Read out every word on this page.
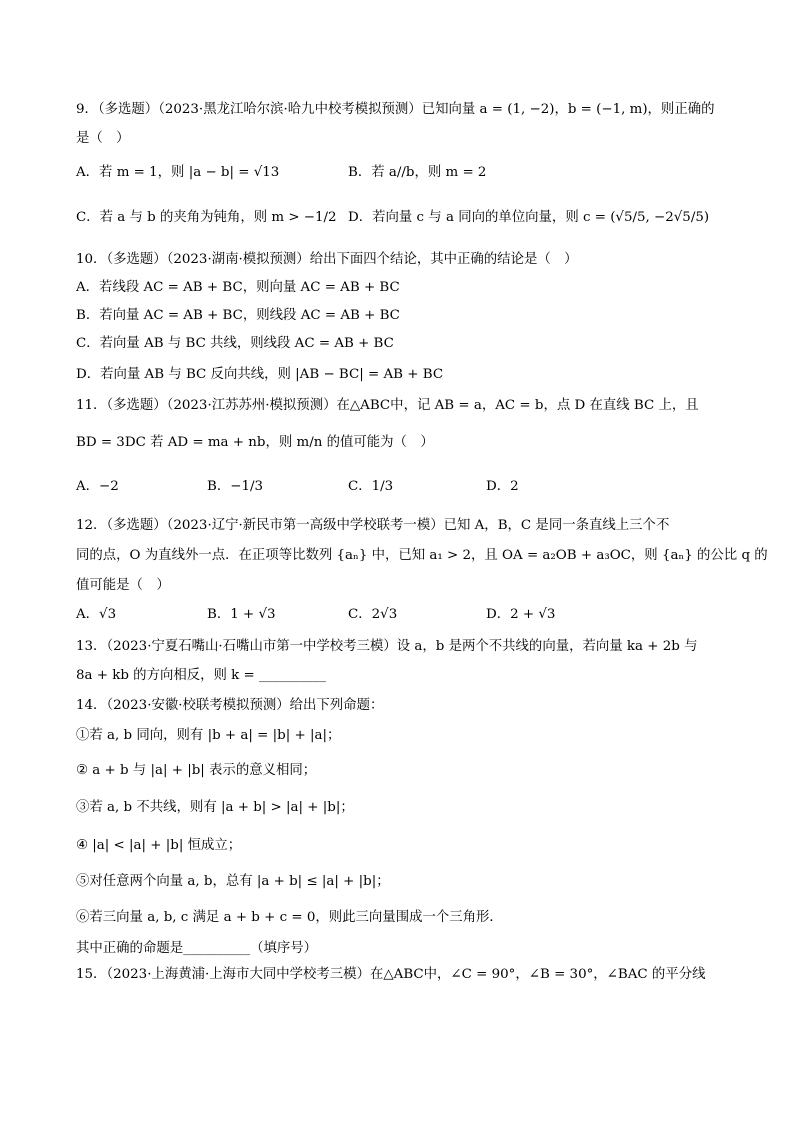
9．（多选题）（2023·黑龙江哈尔滨·哈九中校考模拟预测）已知向量 a = (1, −2)，b = (−1, m)，则正确的
是（　）
A．若 m = 1，则 |a − b| = √13	B．若 a//b，则 m = 2
C．若 a 与 b 的夹角为钝角，则 m > −1/2 D．若向量 c 与 a 同向的单位向量，则 c = (√5/5, −2√5/5)
10．（多选题）（2023·湖南·模拟预测）给出下面四个结论，其中正确的结论是（　）
A．若线段 AC = AB + BC，则向量 AC = AB + BC
B．若向量 AC = AB + BC，则线段 AC = AB + BC
C．若向量 AB 与 BC 共线，则线段 AC = AB + BC
D．若向量 AB 与 BC 反向共线，则 |AB − BC| = AB + BC
11．（多选题）（2023·江苏苏州·模拟预测）在△ABC中，记 AB = a，AC = b，点 D 在直线 BC 上，且
BD = 3DC 若 AD = ma + nb，则 m/n 的值可能为（　）
A．−2	B．−1/3	C．1/3	D．2
12．（多选题）（2023·辽宁·新民市第一高级中学校联考一模）已知 A，B，C 是同一条直线上三个不
同的点，O 为直线外一点．在正项等比数列 {aₙ} 中，已知 a₁ > 2，且 OA = a₂OB + a₃OC，则 {aₙ} 的公比 q 的
值可能是（　）
A．√3	B．1 + √3	C．2√3	D．2 + √3
13．（2023·宁夏石嘴山·石嘴山市第一中学校考三模）设 a，b 是两个不共线的向量，若向量 ka + 2b 与
8a + kb 的方向相反，则 k = __________
14．（2023·安徽·校联考模拟预测）给出下列命题：
①若 a, b 同向，则有 |b + a| = |b| + |a|；
② a + b 与 |a| + |b| 表示的意义相同；
③若 a, b 不共线，则有 |a + b| > |a| + |b|；
④ |a| < |a| + |b| 恒成立；
⑤对任意两个向量 a, b，总有 |a + b| ≤ |a| + |b|；
⑥若三向量 a, b, c 满足 a + b + c = 0，则此三向量围成一个三角形．
其中正确的命题是__________（填序号）
15．（2023·上海黄浦·上海市大同中学校考三模）在△ABC中，∠C = 90°，∠B = 30°，∠BAC 的平分线
